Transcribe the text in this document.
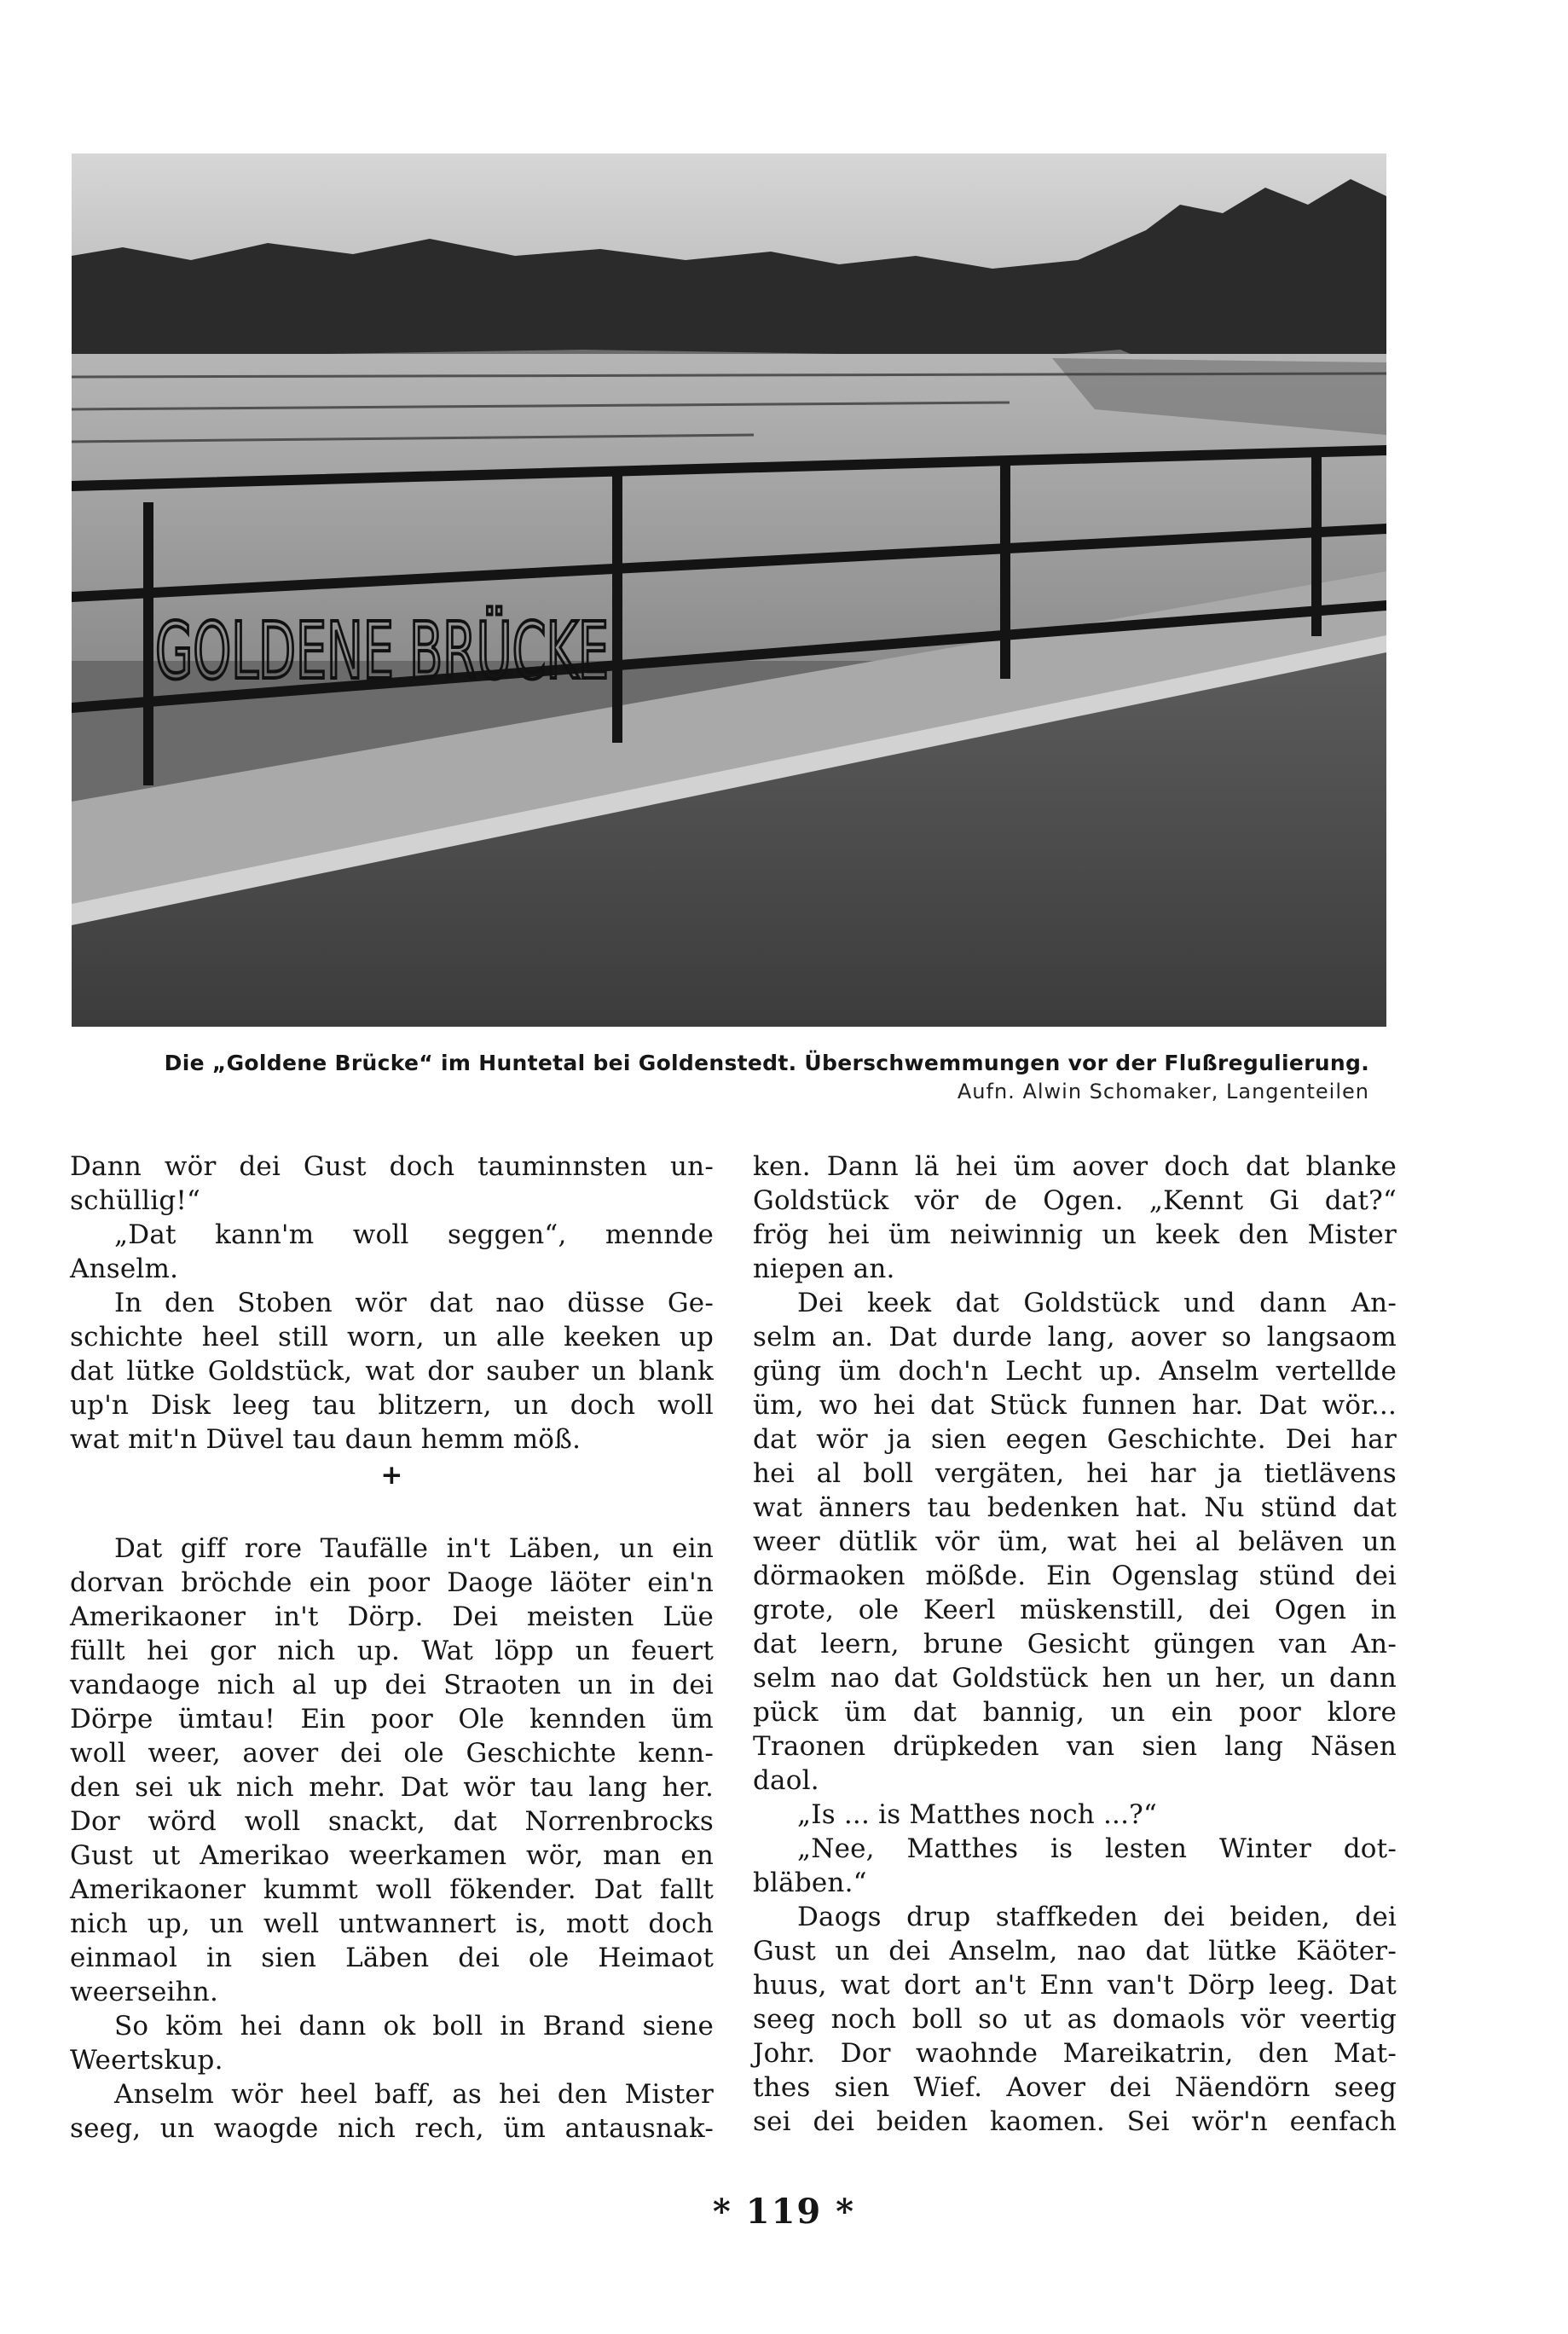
GOLDENE BRÜCKE
Die „Goldene Brücke“ im Huntetal bei Goldenstedt. Überschwemmungen vor der Flußregulierung.
Aufn. Alwin Schomaker, Langenteilen
Dann wör dei Gust doch tauminnsten un-
schüllig!“
„Dat kann'm woll seggen“, mennde
Anselm.
In den Stoben wör dat nao düsse Ge-
schichte heel still worn, un alle keeken up
dat lütke Goldstück, wat dor sauber un blank
up'n Disk leeg tau blitzern, un doch woll
wat mit'n Düvel tau daun hemm möß.
+
Dat giff rore Taufälle in't Läben, un ein
dorvan bröchde ein poor Daoge läöter ein'n
Amerikaoner in't Dörp. Dei meisten Lüe
füllt hei gor nich up. Wat löpp un feuert
vandaoge nich al up dei Straoten un in dei
Dörpe ümtau! Ein poor Ole kennden üm
woll weer, aover dei ole Geschichte kenn-
den sei uk nich mehr. Dat wör tau lang her.
Dor wörd woll snackt, dat Norrenbrocks
Gust ut Amerikao weerkamen wör, man en
Amerikaoner kummt woll fökender. Dat fallt
nich up, un well untwannert is, mott doch
einmaol in sien Läben dei ole Heimaot
weerseihn.
So köm hei dann ok boll in Brand siene
Weertskup.
Anselm wör heel baff, as hei den Mister
seeg, un waogde nich rech, üm antausnak-
ken. Dann lä hei üm aover doch dat blanke
Goldstück vör de Ogen. „Kennt Gi dat?“
frög hei üm neiwinnig un keek den Mister
niepen an.
Dei keek dat Goldstück und dann An-
selm an. Dat durde lang, aover so langsaom
güng üm doch'n Lecht up. Anselm vertellde
üm, wo hei dat Stück funnen har. Dat wör...
dat wör ja sien eegen Geschichte. Dei har
hei al boll vergäten, hei har ja tietlävens
wat änners tau bedenken hat. Nu stünd dat
weer dütlik vör üm, wat hei al beläven un
dörmaoken mößde. Ein Ogenslag stünd dei
grote, ole Keerl müskenstill, dei Ogen in
dat leern, brune Gesicht güngen van An-
selm nao dat Goldstück hen un her, un dann
pück üm dat bannig, un ein poor klore
Traonen drüpkeden van sien lang Näsen
daol.
„Is ... is Matthes noch ...?“
„Nee, Matthes is lesten Winter dot-
bläben.“
Daogs drup staffkeden dei beiden, dei
Gust un dei Anselm, nao dat lütke Käöter-
huus, wat dort an't Enn van't Dörp leeg. Dat
seeg noch boll so ut as domaols vör veertig
Johr. Dor waohnde Mareikatrin, den Mat-
thes sien Wief. Aover dei Näendörn seeg
sei dei beiden kaomen. Sei wör'n eenfach
* 119 *
